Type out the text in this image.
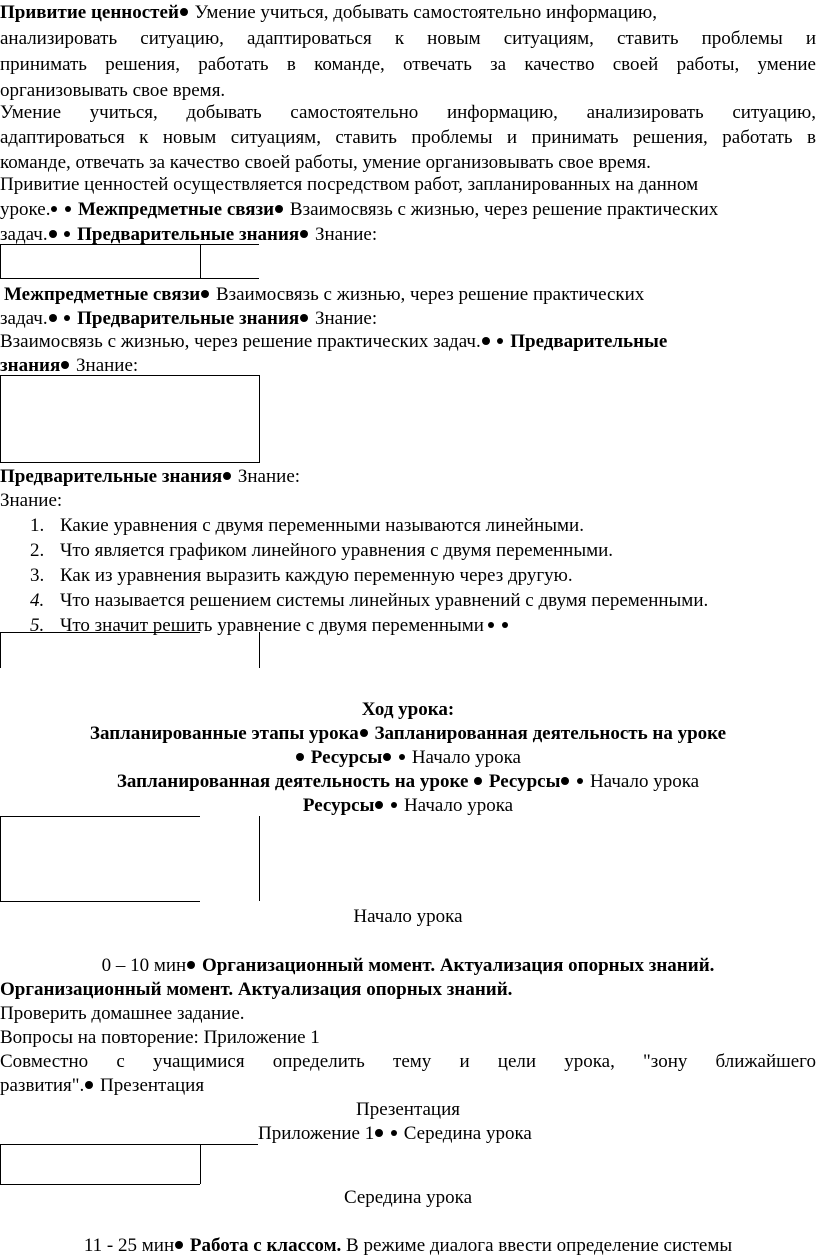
Привитие ценностей Умение учиться, добывать самостоятельно информацию,
анализировать ситуацию, адаптироваться к новым ситуациям, ставить проблемы и
принимать решения, работать в команде, отвечать за качество своей работы, умение
организовывать свое время.
Умение учиться, добывать самостоятельно информацию, анализировать ситуацию,
адаптироваться к новым ситуациям, ставить проблемы и принимать решения, работать в
команде, отвечать за качество своей работы, умение организовывать свое время.
Привитие ценностей осуществляется посредством работ, запланированных на данном
уроке. Межпредметные связи Взаимосвязь с жизнью, через решение практических
задач. Предварительные знания Знание:
Межпредметные связи Взаимосвязь с жизнью, через решение практических
задач. Предварительные знания Знание:
Взаимосвязь с жизнью, через решение практических задач. Предварительные
знания Знание:
Предварительные знания Знание:
Знание:
1. Какие уравнения с двумя переменными называются линейными.
2. Что является графиком линейного уравнения с двумя переменными.
3. Как из уравнения выразить каждую переменную через другую.
4. Что называется решением системы линейных уравнений с двумя переменными.
5. Что значит решить уравнение с двумя переменными
Ход урока:
Запланированные этапы урока Запланированная деятельность на уроке
Ресурсы Начало урока
Запланированная деятельность на уроке Ресурсы Начало урока
Ресурсы Начало урока
Начало урока
0 – 10 мин Организационный момент. Актуализация опорных знаний.
Организационный момент. Актуализация опорных знаний.
Проверить домашнее задание.
Вопросы на повторение: Приложение 1
Совместно с учащимися определить тему и цели урока, "зону ближайшего
развития". Презентация
Презентация
Приложение 1 Середина урока
Середина урока
11 - 25 мин Работа с классом. В режиме диалога ввести определение системы
